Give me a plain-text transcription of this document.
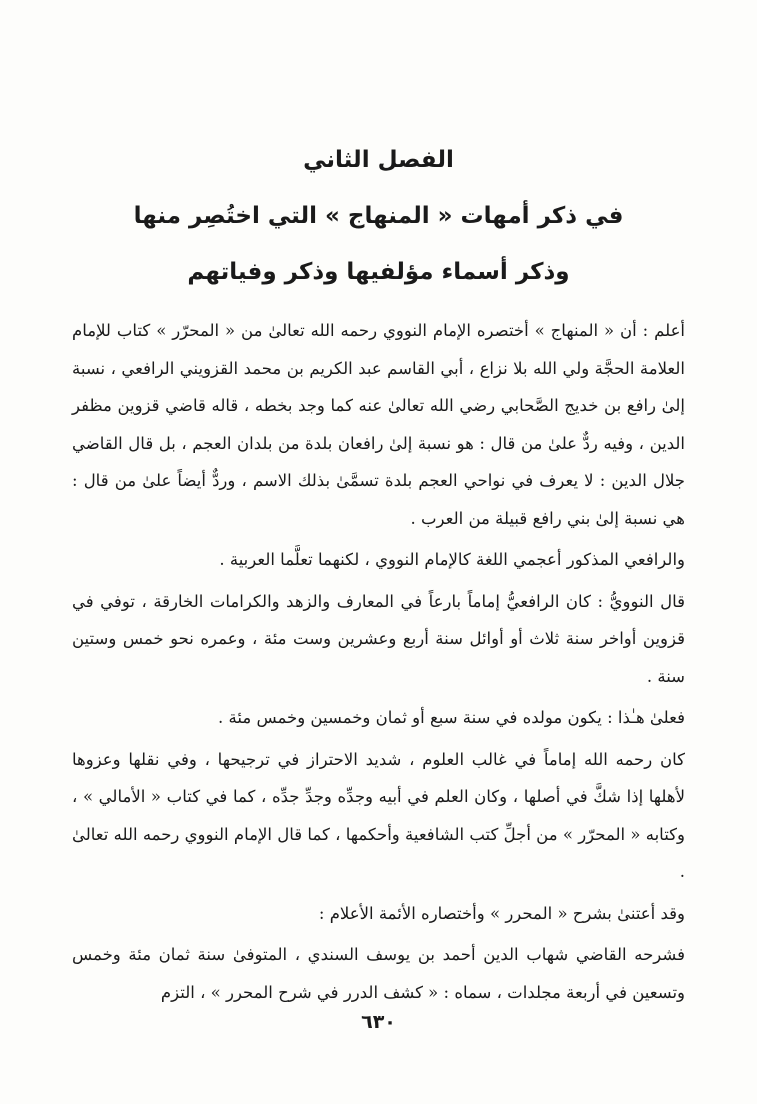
الفصل الثاني
في ذكر أمهات « المنهاج » التي اختُصِر منها
وذكر أسماء مؤلفيها وذكر وفياتهم

أعلم : أن « المنهاج » أختصره الإمام النووي رحمه الله تعالىٰ من « المحرّر » كتاب للإمام العلامة الحجَّة ولي الله بلا نزاع ، أبي القاسم عبد الكريم بن محمد القزويني الرافعي ، نسبة إلىٰ رافع بن خديج الصَّحابي رضي الله تعالىٰ عنه كما وجد بخطه ، قاله قاضي قزوين مظفر الدين ، وفيه ردٌّ علىٰ من قال : هو نسبة إلىٰ رافعان بلدة من بلدان العجم ، بل قال القاضي جلال الدين : لا يعرف في نواحي العجم بلدة تسمَّىٰ بذلك الاسم ، وردٌّ أيضاً علىٰ من قال : هي نسبة إلىٰ بني رافع قبيلة من العرب .

والرافعي المذكور أعجمي اللغة كالإمام النووي ، لكنهما تعلَّما العربية .

قال النوويُّ : كان الرافعيُّ إماماً بارعاً في المعارف والزهد والكرامات الخارقة ، توفي في قزوين أواخر سنة ثلاث أو أوائل سنة أربع وعشرين وست مئة ، وعمره نحو خمس وستين سنة .

فعلىٰ هـٰذا : يكون مولده في سنة سبع أو ثمان وخمسين وخمس مئة .

كان رحمه الله إماماً في غالب العلوم ، شديد الاحتراز في ترجيحها ، وفي نقلها وعزوها لأهلها إذا شكَّ في أصلها ، وكان العلم في أبيه وجدِّه وجدِّ جدِّه ، كما في كتاب « الأمالي » ، وكتابه « المحرّر » من أجلِّ كتب الشافعية وأحكمها ، كما قال الإمام النووي رحمه الله تعالىٰ .

وقد أعتنىٰ بشرح « المحرر » وأختصاره الأئمة الأعلام :

فشرحه القاضي شهاب الدين أحمد بن يوسف السندي ، المتوفىٰ سنة ثمان مئة وخمس وتسعين في أربعة مجلدات ، سماه : « كشف الدرر في شرح المحرر » ، التزم

٦٣٠
